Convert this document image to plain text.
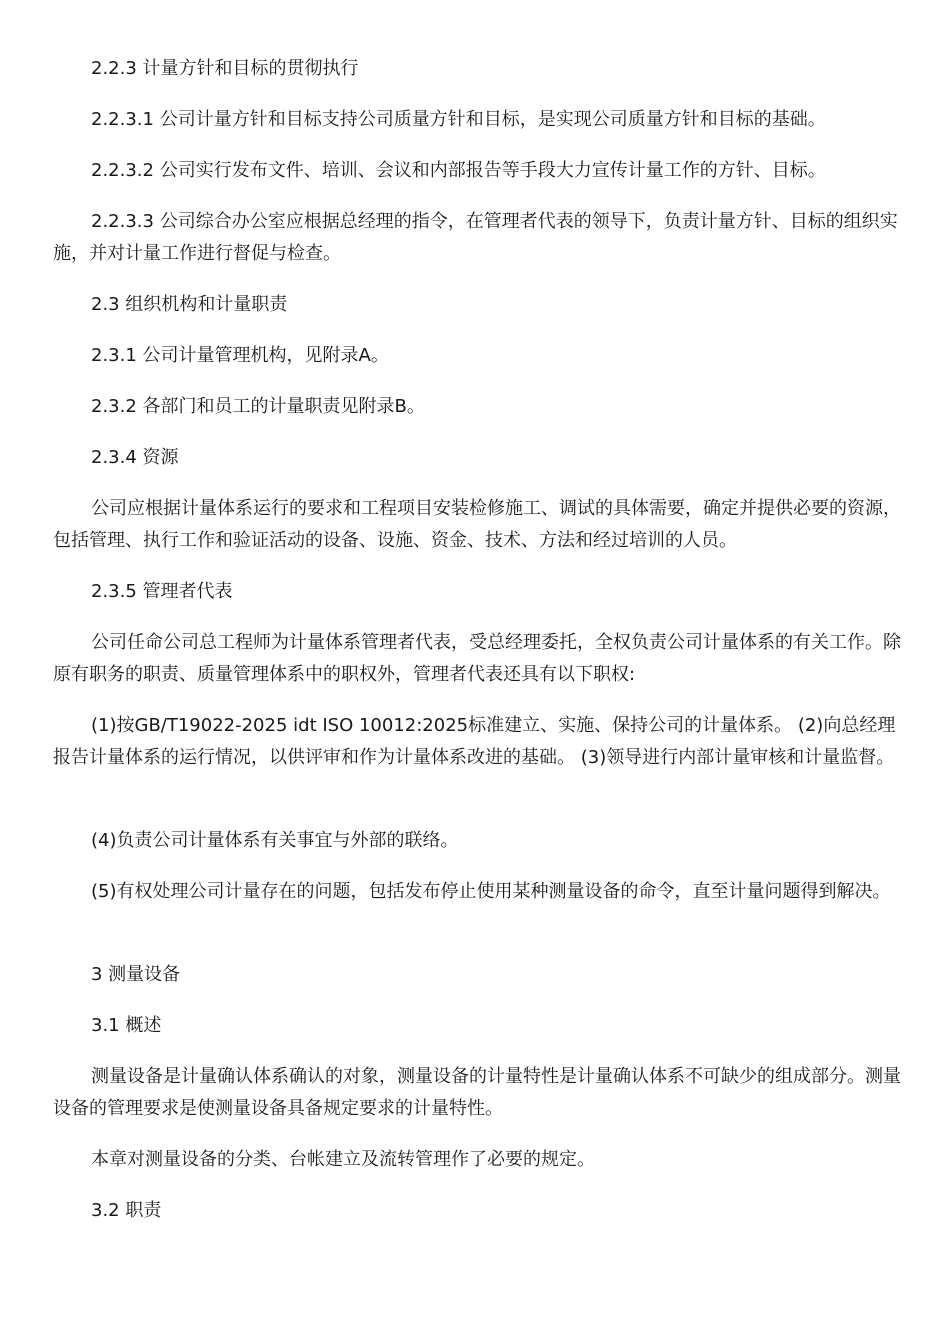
2.2.3 计量方针和目标的贯彻执行

2.2.3.1 公司计量方针和目标支持公司质量方针和目标，是实现公司质量方针和目标的基础。

2.2.3.2 公司实行发布文件、培训、会议和内部报告等手段大力宣传计量工作的方针、目标。

2.2.3.3 公司综合办公室应根据总经理的指令，在管理者代表的领导下，负责计量方针、目标的组织实施，并对计量工作进行督促与检查。

2.3 组织机构和计量职责

2.3.1 公司计量管理机构，见附录A。

2.3.2 各部门和员工的计量职责见附录B。

2.3.4 资源

公司应根据计量体系运行的要求和工程项目安装检修施工、调试的具体需要，确定并提供必要的资源，包括管理、执行工作和验证活动的设备、设施、资金、技术、方法和经过培训的人员。

2.3.5 管理者代表

公司任命公司总工程师为计量体系管理者代表，受总经理委托，全权负责公司计量体系的有关工作。除原有职务的职责、质量管理体系中的职权外，管理者代表还具有以下职权:

(1)按GB/T19022-2025 idt ISO 10012:2025标准建立、实施、保持公司的计量体系。 (2)向总经理报告计量体系的运行情况，以供评审和作为计量体系改进的基础。 (3)领导进行内部计量审核和计量监督。

(4)负责公司计量体系有关事宜与外部的联络。

(5)有权处理公司计量存在的问题，包括发布停止使用某种测量设备的命令，直至计量问题得到解决。

3 测量设备

3.1 概述

测量设备是计量确认体系确认的对象，测量设备的计量特性是计量确认体系不可缺少的组成部分。测量设备的管理要求是使测量设备具备规定要求的计量特性。

本章对测量设备的分类、台帐建立及流转管理作了必要的规定。

3.2 职责
